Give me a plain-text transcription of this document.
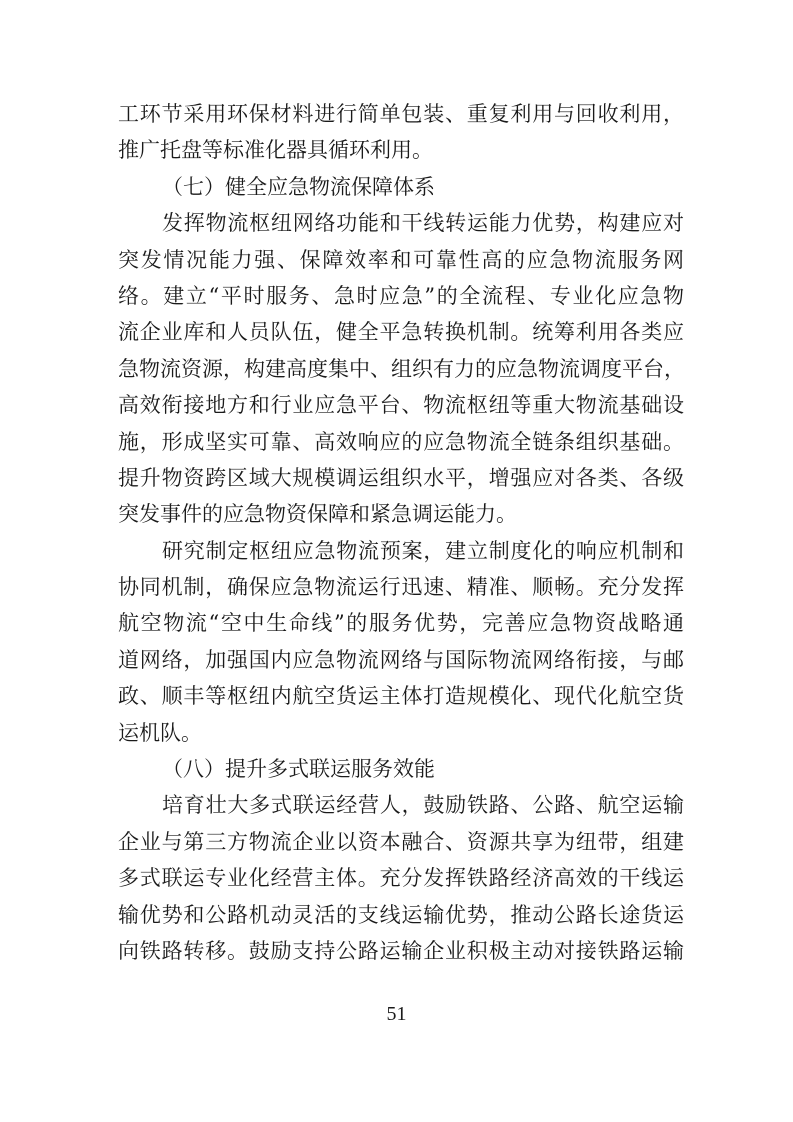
工环节采用环保材料进行简单包装、重复利用与回收利用，
推广托盘等标准化器具循环利用。
（七）健全应急物流保障体系
发挥物流枢纽网络功能和干线转运能力优势，构建应对
突发情况能力强、保障效率和可靠性高的应急物流服务网
络。建立“平时服务、急时应急”的全流程、专业化应急物
流企业库和人员队伍，健全平急转换机制。统筹利用各类应
急物流资源，构建高度集中、组织有力的应急物流调度平台，
高效衔接地方和行业应急平台、物流枢纽等重大物流基础设
施，形成坚实可靠、高效响应的应急物流全链条组织基础。
提升物资跨区域大规模调运组织水平，增强应对各类、各级
突发事件的应急物资保障和紧急调运能力。
研究制定枢纽应急物流预案，建立制度化的响应机制和
协同机制，确保应急物流运行迅速、精准、顺畅。充分发挥
航空物流“空中生命线”的服务优势，完善应急物资战略通
道网络，加强国内应急物流网络与国际物流网络衔接，与邮
政、顺丰等枢纽内航空货运主体打造规模化、现代化航空货
运机队。
（八）提升多式联运服务效能
培育壮大多式联运经营人，鼓励铁路、公路、航空运输
企业与第三方物流企业以资本融合、资源共享为纽带，组建
多式联运专业化经营主体。充分发挥铁路经济高效的干线运
输优势和公路机动灵活的支线运输优势，推动公路长途货运
向铁路转移。鼓励支持公路运输企业积极主动对接铁路运输
51
